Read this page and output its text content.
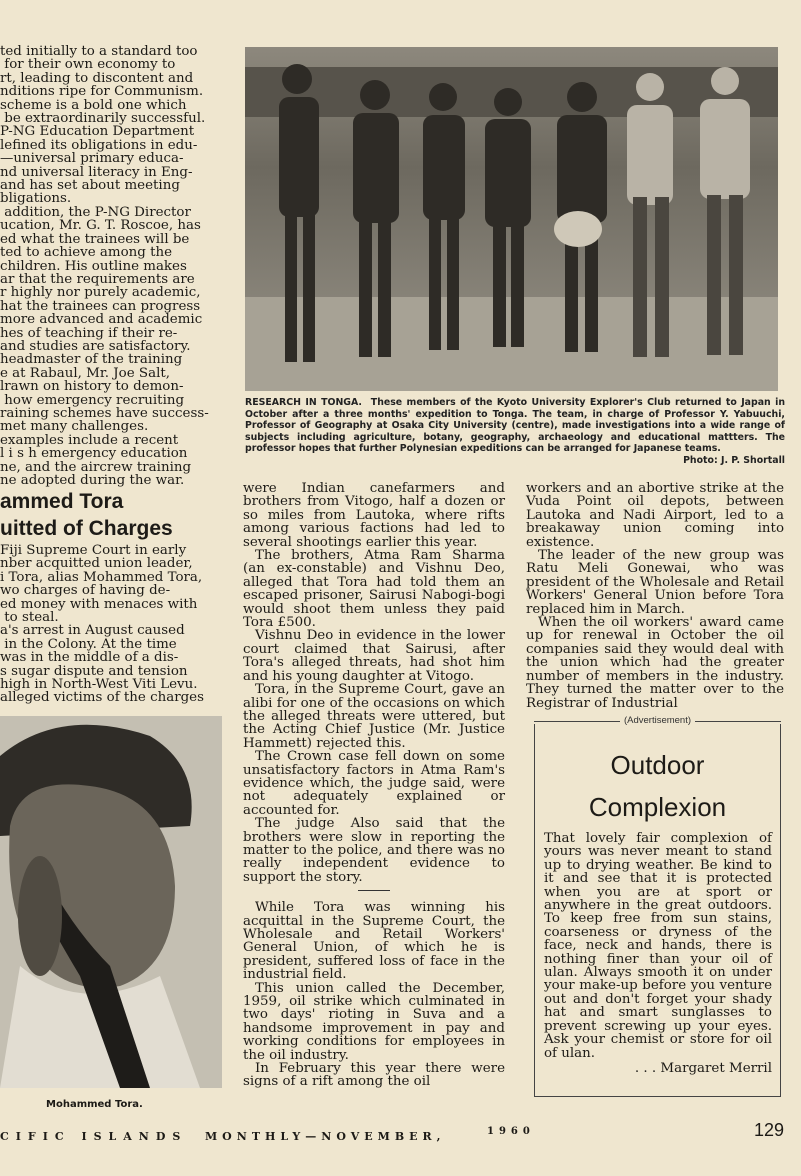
ted initially to a standard too
for their own economy to
rt, leading to discontent and
nditions ripe for Communism.
scheme is a bold one which
be extraordinarily successful.
P-NG Education Department
lefined its obligations in edu-
—universal primary educa-
nd universal literacy in Eng-
and has set about meeting
bligations.
addition, the P-NG Director
ucation, Mr. G. T. Roscoe, has
ed what the trainees will be
ted to achieve among the
children. His outline makes
ar that the requirements are
r highly nor purely academic,
hat the trainees can progress
more advanced and academic
hes of teaching if their re-
and studies are satisfactory.
headmaster of the training
e at Rabaul, Mr. Joe Salt,
lrawn on history to demon-
how emergency recruiting
raining schemes have success-
met many challenges.
examples include a recent
l i s h emergency education
ne, and the aircrew training
ne adopted during the war.
ammed Tora
uitted of Charges
Fiji Supreme Court in early
nber acquitted union leader,
i Tora, alias Mohammed Tora,
wo charges of having de-
ed money with menaces with
to steal.
a's arrest in August caused
in the Colony. At the time
was in the middle of a dis-
s sugar dispute and tension
high in North-West Viti Levu.
alleged victims of the charges
RESEARCH IN TONGA. These members of the Kyoto University Explorer's Club returned to Japan in October after a three months' expedition to Tonga. The team, in charge of Professor Y. Yabuuchi, Professor of Geography at Osaka City University (centre), made investigations into a wide range of subjects including agriculture, botany, geography, archaeology and educational mattters. The professor hopes that further Polynesian expeditions can be arranged for Japanese teams.
Photo: J. P. Shortall

were Indian canefarmers and brothers from Vitogo, half a dozen or so miles from Lautoka, where rifts among various factions had led to several shootings earlier this year.

The brothers, Atma Ram Sharma (an ex-constable) and Vishnu Deo, alleged that Tora had told them an escaped prisoner, Sairusi Nabogi-bogi would shoot them unless they paid Tora £500.

Vishnu Deo in evidence in the lower court claimed that Sairusi, after Tora's alleged threats, had shot him and his young daughter at Vitogo.

Tora, in the Supreme Court, gave an alibi for one of the occasions on which the alleged threats were uttered, but the Acting Chief Justice (Mr. Justice Hammett) rejected this.

The Crown case fell down on some unsatisfactory factors in Atma Ram's evidence which, the judge said, were not adequately explained or accounted for.

The judge Also said that the brothers were slow in reporting the matter to the police, and there was no really independent evidence to support the story.

While Tora was winning his acquittal in the Supreme Court, the Wholesale and Retail Workers' General Union, of which he is president, suffered loss of face in the industrial field.

This union called the December, 1959, oil strike which culminated in two days' rioting in Suva and a handsome improvement in pay and working conditions for employees in the oil industry.

In February this year there were signs of a rift among the oil

workers and an abortive strike at the Vuda Point oil depots, between Lautoka and Nadi Airport, led to a breakaway union coming into existence.

The leader of the new group was Ratu Meli Gonewai, who was president of the Wholesale and Retail Workers' General Union before Tora replaced him in March.

When the oil workers' award came up for renewal in October the oil companies said they would deal with the union which had the greater number of members in the industry. They turned the matter over to the Registrar of Industrial

Mohammed Tora.
(Advertisement)
Outdoor
Complexion

That lovely fair complexion of yours was never meant to stand up to drying weather. Be kind to it and see that it is protected when you are at sport or anywhere in the great outdoors. To keep free from sun stains, coarseness or dryness of the face, neck and hands, there is nothing finer than your oil of ulan. Always smooth it on under your make-up before you venture out and don't forget your shady hat and smart sunglasses to prevent screwing up your eyes. Ask your chemist or store for oil of ulan.

. . . Margaret Merril

CIFIC ISLANDS MONTHLY—NOVEMBER,	1960	129
